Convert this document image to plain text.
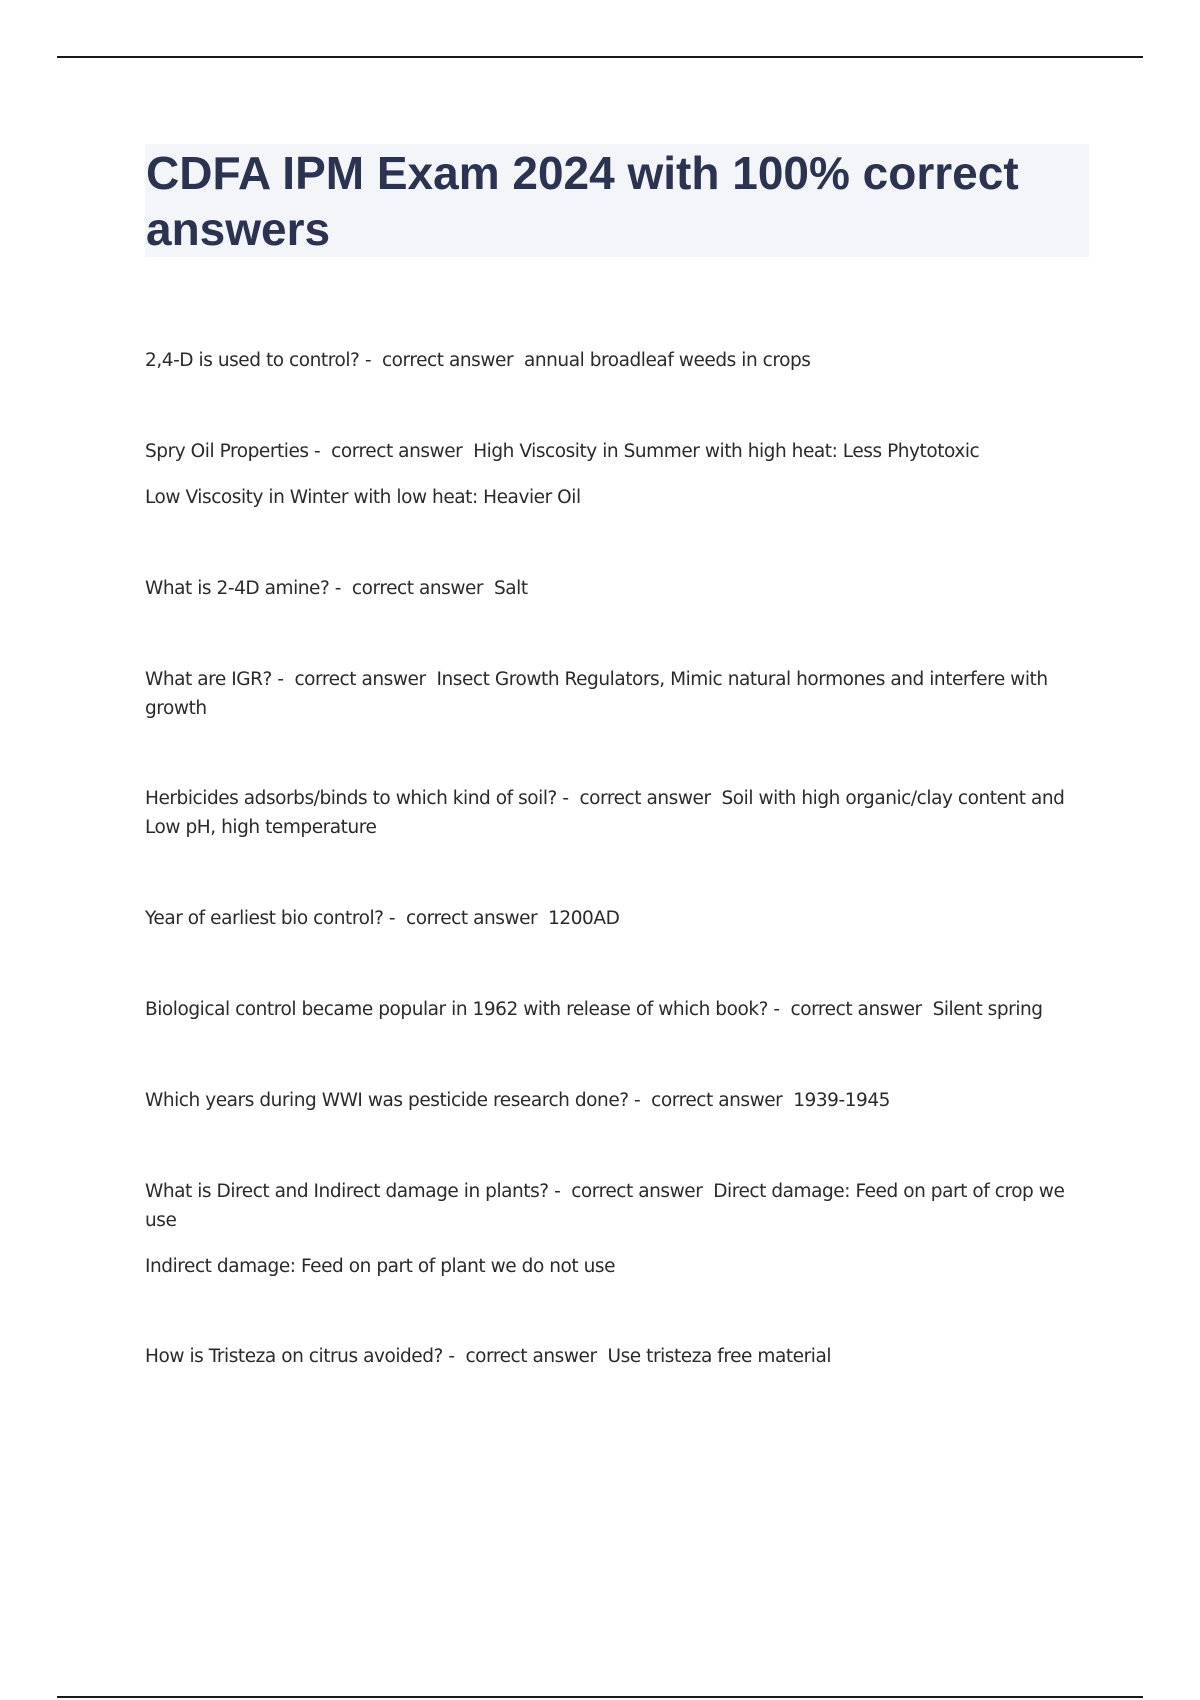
CDFA IPM Exam 2024 with 100% correct answers

2,4-D is used to control? -  correct answer annual broadleaf weeds in crops

Spry Oil Properties -  correct answer High Viscosity in Summer with high heat: Less Phytotoxic

Low Viscosity in Winter with low heat: Heavier Oil

What is 2-4D amine? -  correct answer Salt

What are IGR? -  correct answer Insect Growth Regulators, Mimic natural hormones and interfere with growth

Herbicides adsorbs/binds to which kind of soil? -  correct answer Soil with high organic/clay content and Low pH, high temperature

Year of earliest bio control? -  correct answer 1200AD

Biological control became popular in 1962 with release of which book? -  correct answer Silent spring

Which years during WWI was pesticide research done? -  correct answer 1939-1945

What is Direct and Indirect damage in plants? -  correct answer Direct damage: Feed on part of crop we use

Indirect damage: Feed on part of plant we do not use

How is Tristeza on citrus avoided? -  correct answer Use tristeza free material
